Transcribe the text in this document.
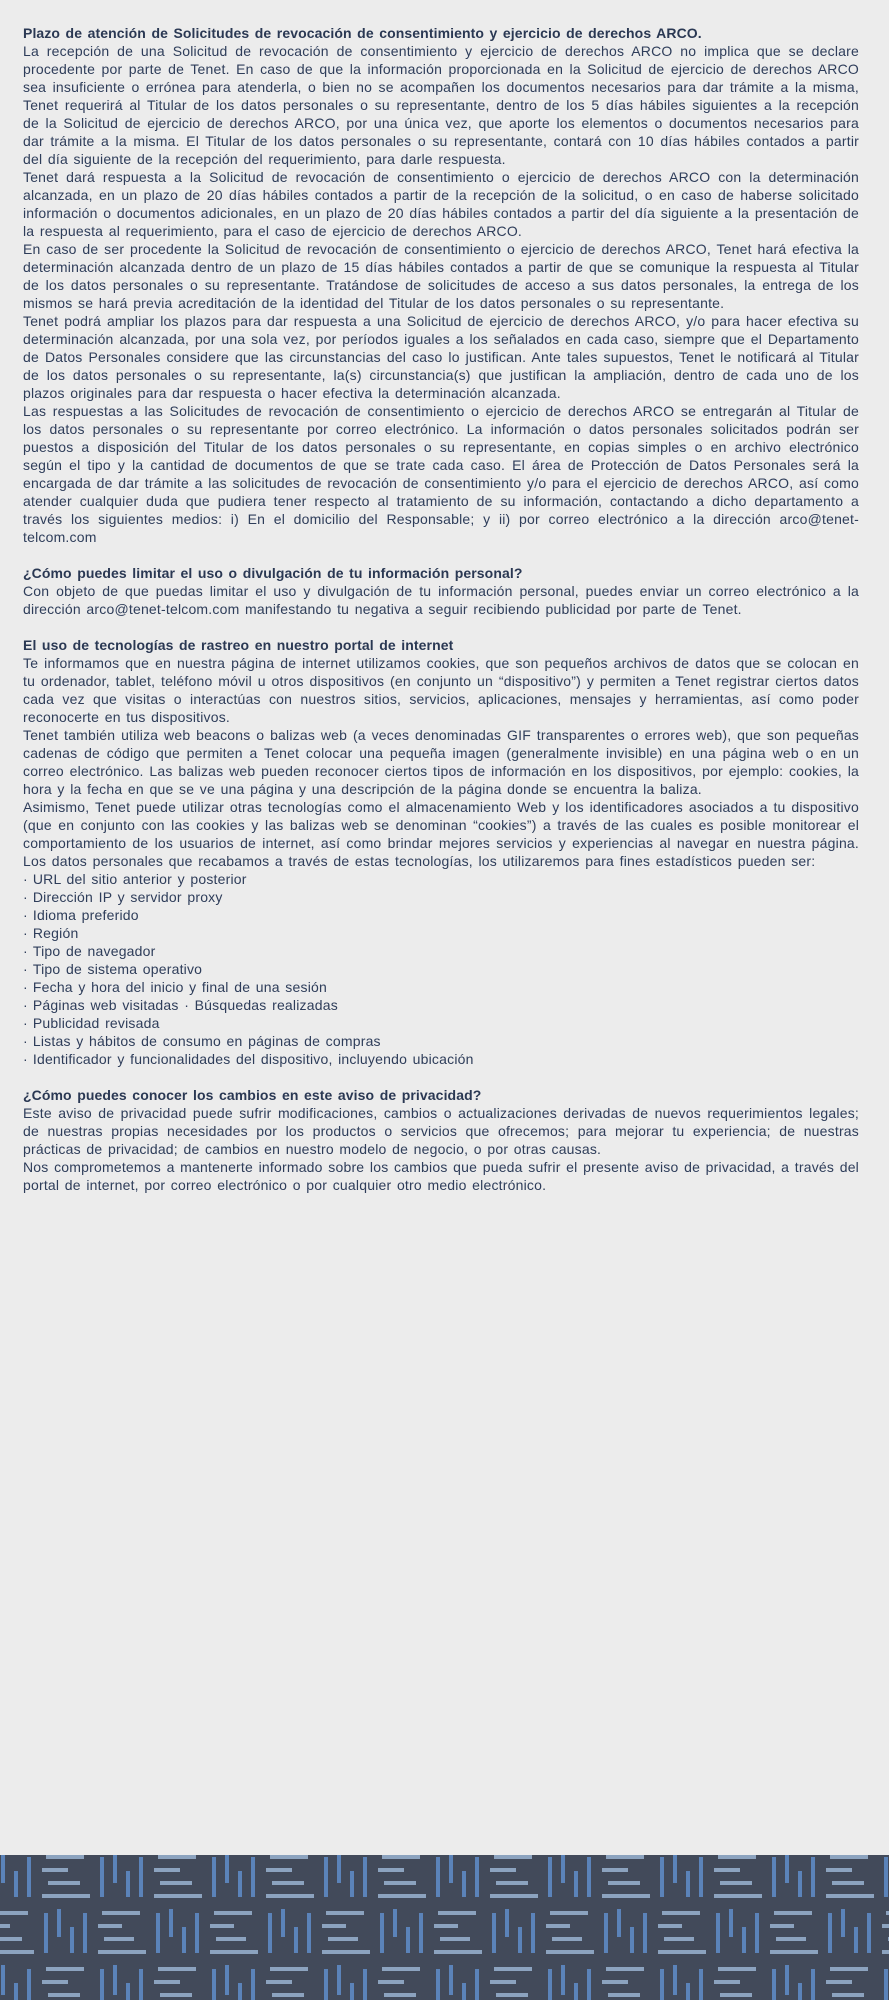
Plazo de atención de Solicitudes de revocación de consentimiento y ejercicio de derechos ARCO.

La recepción de una Solicitud de revocación de consentimiento y ejercicio de derechos ARCO no implica que se declare procedente por parte de Tenet. En caso de que la información proporcionada en la Solicitud de ejercicio de derechos ARCO sea insuficiente o errónea para atenderla, o bien no se acompañen los documentos necesarios para dar trámite a la misma, Tenet requerirá al Titular de los datos personales o su representante, dentro de los 5 días hábiles siguientes a la recepción de la Solicitud de ejercicio de derechos ARCO, por una única vez, que aporte los elementos o documentos necesarios para dar trámite a la misma. El Titular de los datos personales o su representante, contará con 10 días hábiles contados a partir del día siguiente de la recepción del requerimiento, para darle respuesta.

Tenet dará respuesta a la Solicitud de revocación de consentimiento o ejercicio de derechos ARCO con la determinación alcanzada, en un plazo de 20 días hábiles contados a partir de la recepción de la solicitud, o en caso de haberse solicitado información o documentos adicionales, en un plazo de 20 días hábiles contados a partir del día siguiente a la presentación de la respuesta al requerimiento, para el caso de ejercicio de derechos ARCO.

En caso de ser procedente la Solicitud de revocación de consentimiento o ejercicio de derechos ARCO, Tenet hará efectiva la determinación alcanzada dentro de un plazo de 15 días hábiles contados a partir de que se comunique la respuesta al Titular de los datos personales o su representante. Tratándose de solicitudes de acceso a sus datos personales, la entrega de los mismos se hará previa acreditación de la identidad del Titular de los datos personales o su representante.

Tenet podrá ampliar los plazos para dar respuesta a una Solicitud de ejercicio de derechos ARCO, y/o para hacer efectiva su determinación alcanzada, por una sola vez, por períodos iguales a los señalados en cada caso, siempre que el Departamento de Datos Personales considere que las circunstancias del caso lo justifican. Ante tales supuestos, Tenet le notificará al Titular de los datos personales o su representante, la(s) circunstancia(s) que justifican la ampliación, dentro de cada uno de los plazos originales para dar respuesta o hacer efectiva la determinación alcanzada.

Las respuestas a las Solicitudes de revocación de consentimiento o ejercicio de derechos ARCO se entregarán al Titular de los datos personales o su representante por correo electrónico. La información o datos personales solicitados podrán ser puestos a disposición del Titular de los datos personales o su representante, en copias simples o en archivo electrónico según el tipo y la cantidad de documentos de que se trate cada caso. El área de Protección de Datos Personales será la encargada de dar trámite a las solicitudes de revocación de consentimiento y/o para el ejercicio de derechos ARCO, así como atender cualquier duda que pudiera tener respecto al tratamiento de su información, contactando a dicho departamento a través los siguientes medios: i) En el domicilio del Responsable; y ii) por correo electrónico a la dirección arco@tenet-telcom.com

¿Cómo puedes limitar el uso o divulgación de tu información personal?

Con objeto de que puedas limitar el uso y divulgación de tu información personal, puedes enviar un correo electrónico a la dirección arco@tenet-telcom.com manifestando tu negativa a seguir recibiendo publicidad por parte de Tenet.

El uso de tecnologías de rastreo en nuestro portal de internet

Te informamos que en nuestra página de internet utilizamos cookies, que son pequeños archivos de datos que se colocan en tu ordenador, tablet, teléfono móvil u otros dispositivos (en conjunto un “dispositivo”) y permiten a Tenet registrar ciertos datos cada vez que visitas o interactúas con nuestros sitios, servicios, aplicaciones, mensajes y herramientas, así como poder reconocerte en tus dispositivos.

Tenet también utiliza web beacons o balizas web (a veces denominadas GIF transparentes o errores web), que son pequeñas cadenas de código que permiten a Tenet colocar una pequeña imagen (generalmente invisible) en una página web o en un correo electrónico. Las balizas web pueden reconocer ciertos tipos de información en los dispositivos, por ejemplo: cookies, la hora y la fecha en que se ve una página y una descripción de la página donde se encuentra la baliza.

Asimismo, Tenet puede utilizar otras tecnologías como el almacenamiento Web y los identificadores asociados a tu dispositivo (que en conjunto con las cookies y las balizas web se denominan “cookies”) a través de las cuales es posible monitorear el comportamiento de los usuarios de internet, así como brindar mejores servicios y experiencias al navegar en nuestra página. Los datos personales que recabamos a través de estas tecnologías, los utilizaremos para fines estadísticos pueden ser:

· URL del sitio anterior y posterior
· Dirección IP y servidor proxy
· Idioma preferido
· Región
· Tipo de navegador
· Tipo de sistema operativo
· Fecha y hora del inicio y final de una sesión
· Páginas web visitadas · Búsquedas realizadas
· Publicidad revisada
· Listas y hábitos de consumo en páginas de compras
· Identificador y funcionalidades del dispositivo, incluyendo ubicación
¿Cómo puedes conocer los cambios en este aviso de privacidad?

Este aviso de privacidad puede sufrir modificaciones, cambios o actualizaciones derivadas de nuevos requerimientos legales; de nuestras propias necesidades por los productos o servicios que ofrecemos; para mejorar tu experiencia; de nuestras prácticas de privacidad; de cambios en nuestro modelo de negocio, o por otras causas.

Nos comprometemos a mantenerte informado sobre los cambios que pueda sufrir el presente aviso de privacidad, a través del portal de internet, por correo electrónico o por cualquier otro medio electrónico.
